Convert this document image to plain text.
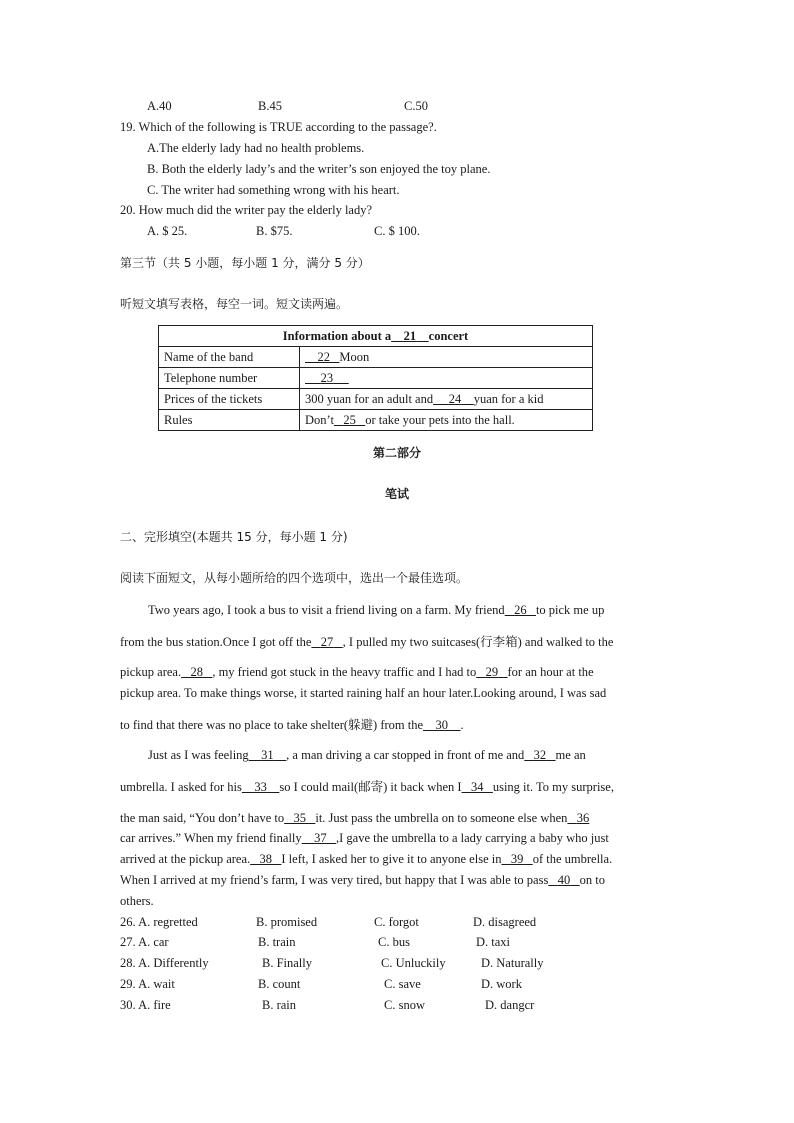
A.40	B.45	C.50
19. Which of the following is TRUE according to the passage?.
A.The elderly lady had no health problems.
B. Both the elderly lady’s and the writer’s son enjoyed the toy plane.
C. The writer had something wrong with his heart.
20. How much did the writer pay the elderly lady?
A. $ 25.	B. $75.	C. $ 100.
第三节（共 5 小题，每小题 1 分，满分 5 分）
听短文填写表格，每空一词。短文读两遍。
Information about a 21 concert	
Name of the band	22 Moon
Telephone number	23
Prices of the tickets	300 yuan for an adult and 24 yuan for a kid
Rules	Don’t 25 or take your pets into the hall.
第二部分
笔试
二、完形填空(本题共 15 分，每小题 1 分)
阅读下面短文，从每小题所给的四个选项中，选出一个最佳选项。
Two years ago, I took a bus to visit a friend living on a farm. My friend 26 to pick me up
from the bus station.Once I got off the 27 , I pulled my two suitcases(行李箱) and walked to the
pickup area. 28 , my friend got stuck in the heavy traffic and I had to 29 for an hour at the
pickup area. To make things worse, it started raining half an hour later.Looking around, I was sad
to find that there was no place to take shelter(躲避) from the 30 .
Just as I was feeling 31 , a man driving a car stopped in front of me and 32 me an
umbrella. I asked for his 33 so I could mail(邮寄) it back when I 34 using it. To my surprise,
the man said, “You don’t have to 35 it. Just pass the umbrella on to someone else when 36
car arrives.” When my friend finally 37 ,I gave the umbrella to a lady carrying a baby who just
arrived at the pickup area. 38 I left, I asked her to give it to anyone else in 39 of the umbrella.
When I arrived at my friend’s farm, I was very tired, but happy that I was able to pass 40 on to
others.
26. A. regretted	B. promised	C. forgot	D. disagreed
27. A. car	B. train	C. bus	D. taxi
28. A. Differently	B. Finally	C. Unluckily	D. Naturally
29. A. wait	B. count	C. save	D. work
30. A. fire	B. rain	C. snow	D. dangcr
